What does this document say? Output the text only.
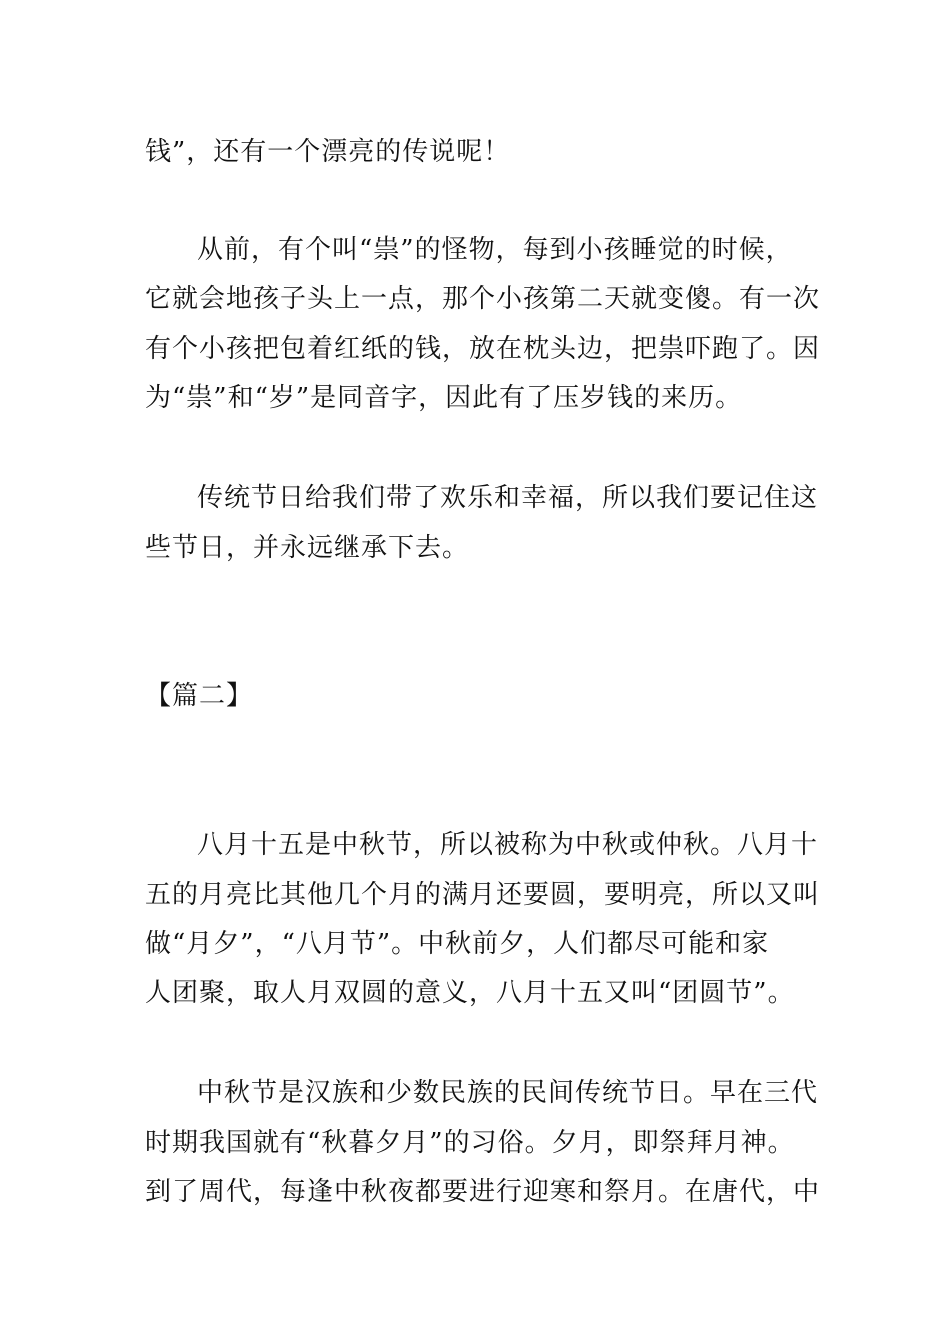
钱”，还有一个漂亮的传说呢！
从前，有个叫“祟”的怪物，每到小孩睡觉的时候，
它就会地孩子头上一点，那个小孩第二天就变傻。有一次
有个小孩把包着红纸的钱，放在枕头边，把祟吓跑了。因
为“祟”和“岁”是同音字，因此有了压岁钱的来历。
传统节日给我们带了欢乐和幸福，所以我们要记住这
些节日，并永远继承下去。
【篇二】
八月十五是中秋节，所以被称为中秋或仲秋。八月十
五的月亮比其他几个月的满月还要圆，要明亮，所以又叫
做“月夕”，“八月节”。中秋前夕，人们都尽可能和家
人团聚，取人月双圆的意义，八月十五又叫“团圆节”。
中秋节是汉族和少数民族的民间传统节日。早在三代
时期我国就有“秋暮夕月”的习俗。夕月，即祭拜月神。
到了周代，每逢中秋夜都要进行迎寒和祭月。在唐代，中
